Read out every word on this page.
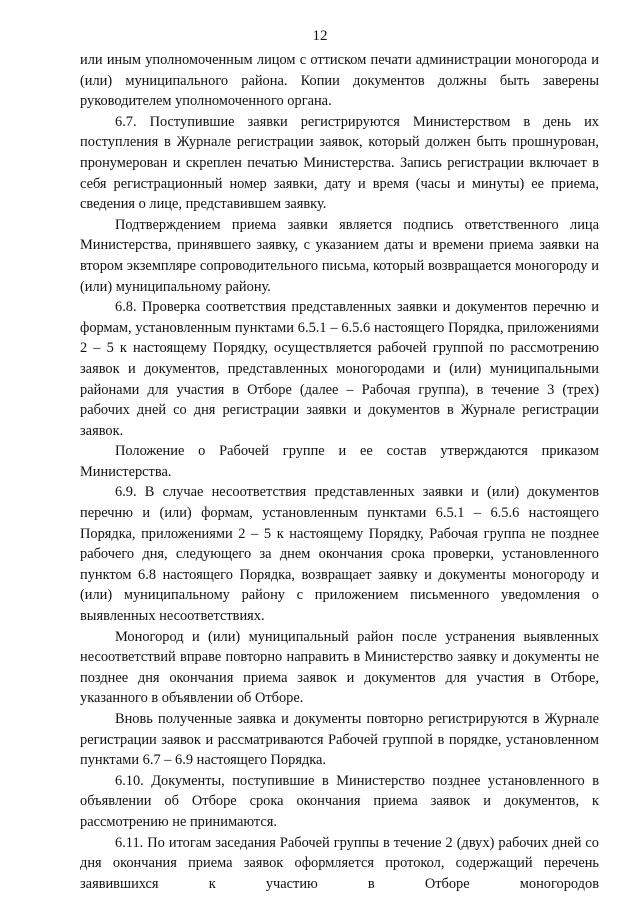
12

или иным уполномоченным лицом с оттиском печати администрации моногорода и (или) муниципального района. Копии документов должны быть заверены руководителем уполномоченного органа.

6.7. Поступившие заявки регистрируются Министерством в день их поступления в Журнале регистрации заявок, который должен быть прошнурован, пронумерован и скреплен печатью Министерства. Запись регистрации включает в себя регистрационный номер заявки, дату и время (часы и минуты) ее приема, сведения о лице, представившем заявку.

Подтверждением приема заявки является подпись ответственного лица Министерства, принявшего заявку, с указанием даты и времени приема заявки на втором экземпляре сопроводительного письма, который возвращается моногороду и (или) муниципальному району.

6.8. Проверка соответствия представленных заявки и документов перечню и формам, установленным пунктами 6.5.1 – 6.5.6 настоящего Порядка, приложениями 2 – 5 к настоящему Порядку, осуществляется рабочей группой по рассмотрению заявок и документов, представленных моногородами и (или) муниципальными районами для участия в Отборе (далее – Рабочая группа), в течение 3 (трех) рабочих дней со дня регистрации заявки и документов в Журнале регистрации заявок.

Положение о Рабочей группе и ее состав утверждаются приказом Министерства.

6.9. В случае несоответствия представленных заявки и (или) документов перечню и (или) формам, установленным пунктами 6.5.1 – 6.5.6 настоящего Порядка, приложениями 2 – 5 к настоящему Порядку, Рабочая группа не позднее рабочего дня, следующего за днем окончания срока проверки, установленного пунктом 6.8 настоящего Порядка, возвращает заявку и документы моногороду и (или) муниципальному району с приложением письменного уведомления о выявленных несоответствиях.

Моногород и (или) муниципальный район после устранения выявленных несоответствий вправе повторно направить в Министерство заявку и документы не позднее дня окончания приема заявок и документов для участия в Отборе, указанного в объявлении об Отборе.

Вновь полученные заявка и документы повторно регистрируются в Журнале регистрации заявок и рассматриваются Рабочей группой в порядке, установленном пунктами 6.7 – 6.9 настоящего Порядка.

6.10. Документы, поступившие в Министерство позднее установленного в объявлении об Отборе срока окончания приема заявок и документов, к рассмотрению не принимаются.

6.11. По итогам заседания Рабочей группы в течение 2 (двух) рабочих дней со дня окончания приема заявок оформляется протокол, содержащий перечень заявившихся к участию в Отборе моногородов
